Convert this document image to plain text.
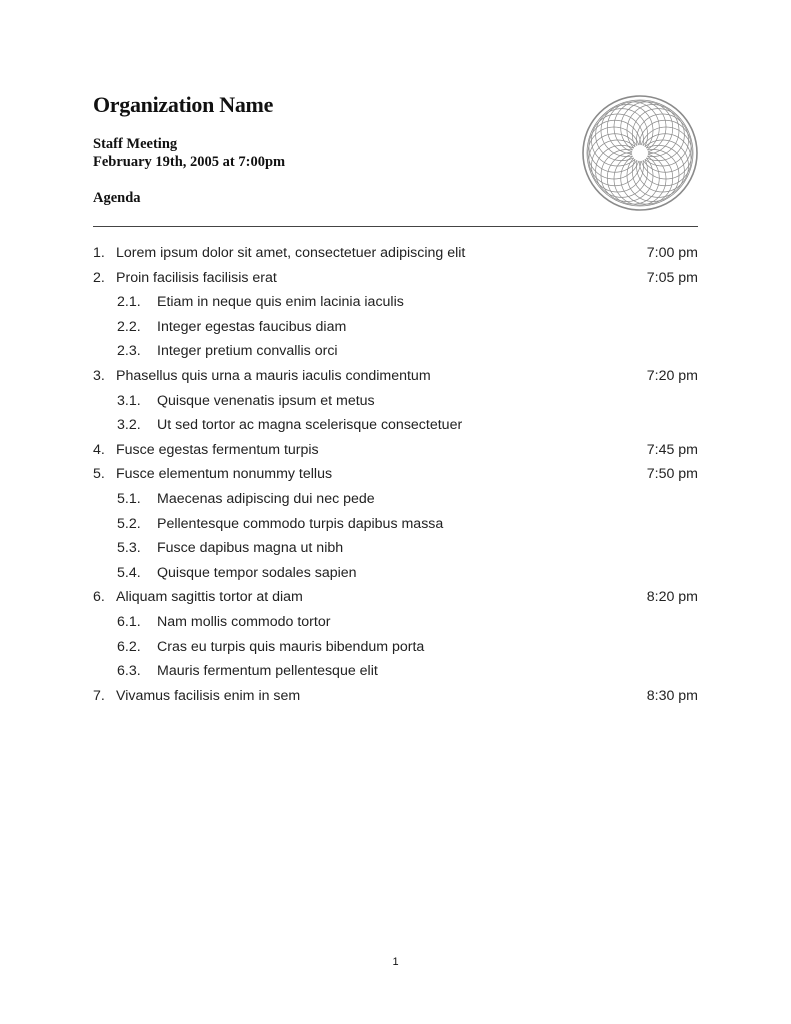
Organization Name
Staff Meeting
February 19th, 2005 at 7:00pm
Agenda
1. Lorem ipsum dolor sit amet, consectetuer adipiscing elit	7:00 pm
2. Proin facilisis facilisis erat	7:05 pm
2.1. Etiam in neque quis enim lacinia iaculis
2.2. Integer egestas faucibus diam
2.3. Integer pretium convallis orci
3. Phasellus quis urna a mauris iaculis condimentum	7:20 pm
3.1. Quisque venenatis ipsum et metus
3.2. Ut sed tortor ac magna scelerisque consectetuer
4. Fusce egestas fermentum turpis	7:45 pm
5. Fusce elementum nonummy tellus	7:50 pm
5.1. Maecenas adipiscing dui nec pede
5.2. Pellentesque commodo turpis dapibus massa
5.3. Fusce dapibus magna ut nibh
5.4. Quisque tempor sodales sapien
6. Aliquam sagittis tortor at diam	8:20 pm
6.1. Nam mollis commodo tortor
6.2. Cras eu turpis quis mauris bibendum porta
6.3. Mauris fermentum pellentesque elit
7. Vivamus facilisis enim in sem	8:30 pm
1
